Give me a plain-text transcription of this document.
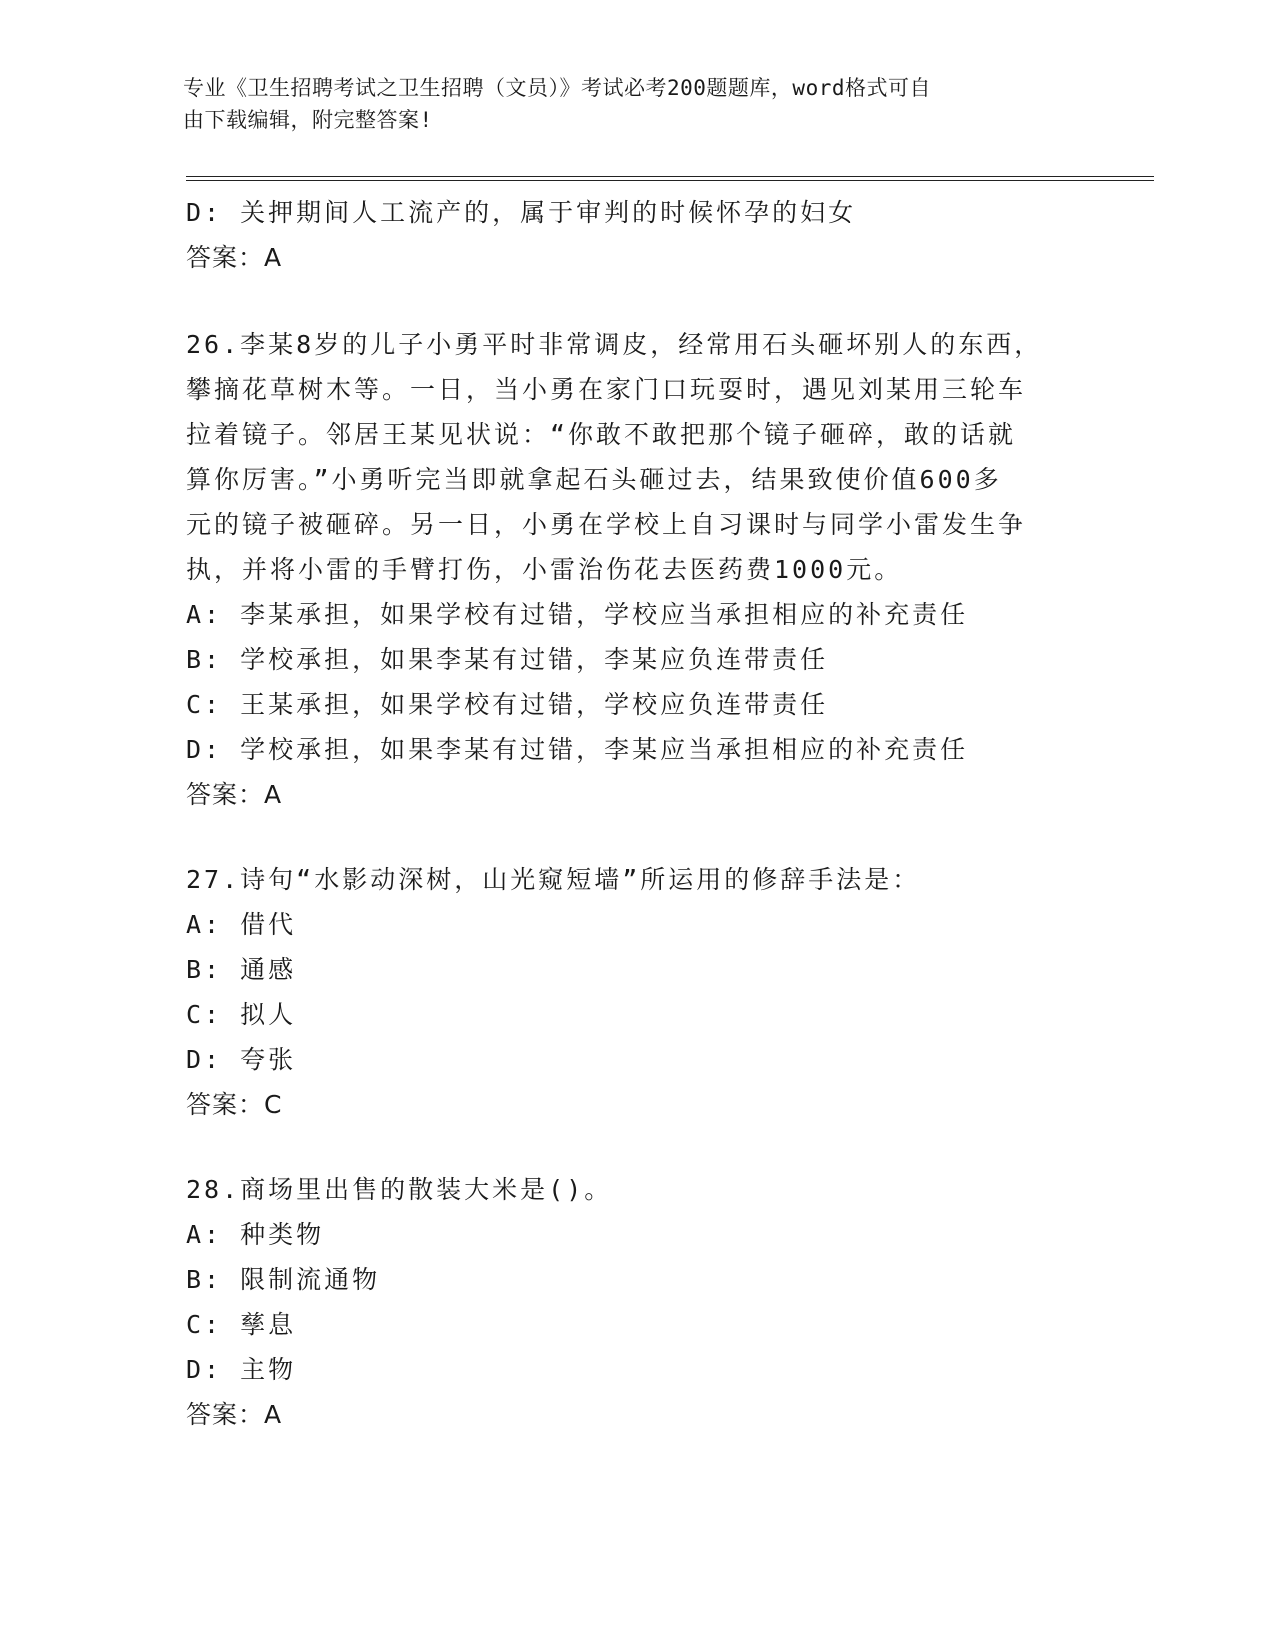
专业《卫生招聘考试之卫生招聘（文员）》考试必考200题题库，word格式可自
由下载编辑，附完整答案!
D: 关押期间人工流产的，属于审判的时候怀孕的妇女
答案：A
26.李某8岁的儿子小勇平时非常调皮，经常用石头砸坏别人的东西，
攀摘花草树木等。一日，当小勇在家门口玩耍时，遇见刘某用三轮车
拉着镜子。邻居王某见状说：“你敢不敢把那个镜子砸碎，敢的话就
算你厉害。”小勇听完当即就拿起石头砸过去，结果致使价值600多
元的镜子被砸碎。另一日，小勇在学校上自习课时与同学小雷发生争
执，并将小雷的手臂打伤，小雷治伤花去医药费1000元。
A: 李某承担，如果学校有过错，学校应当承担相应的补充责任
B: 学校承担，如果李某有过错，李某应负连带责任
C: 王某承担，如果学校有过错，学校应负连带责任
D: 学校承担，如果李某有过错，李某应当承担相应的补充责任
答案：A
27.诗句“水影动深树，山光窥短墙”所运用的修辞手法是：
A: 借代
B: 通感
C: 拟人
D: 夸张
答案：C
28.商场里出售的散装大米是()。
A: 种类物
B: 限制流通物
C: 孳息
D: 主物
答案：A
